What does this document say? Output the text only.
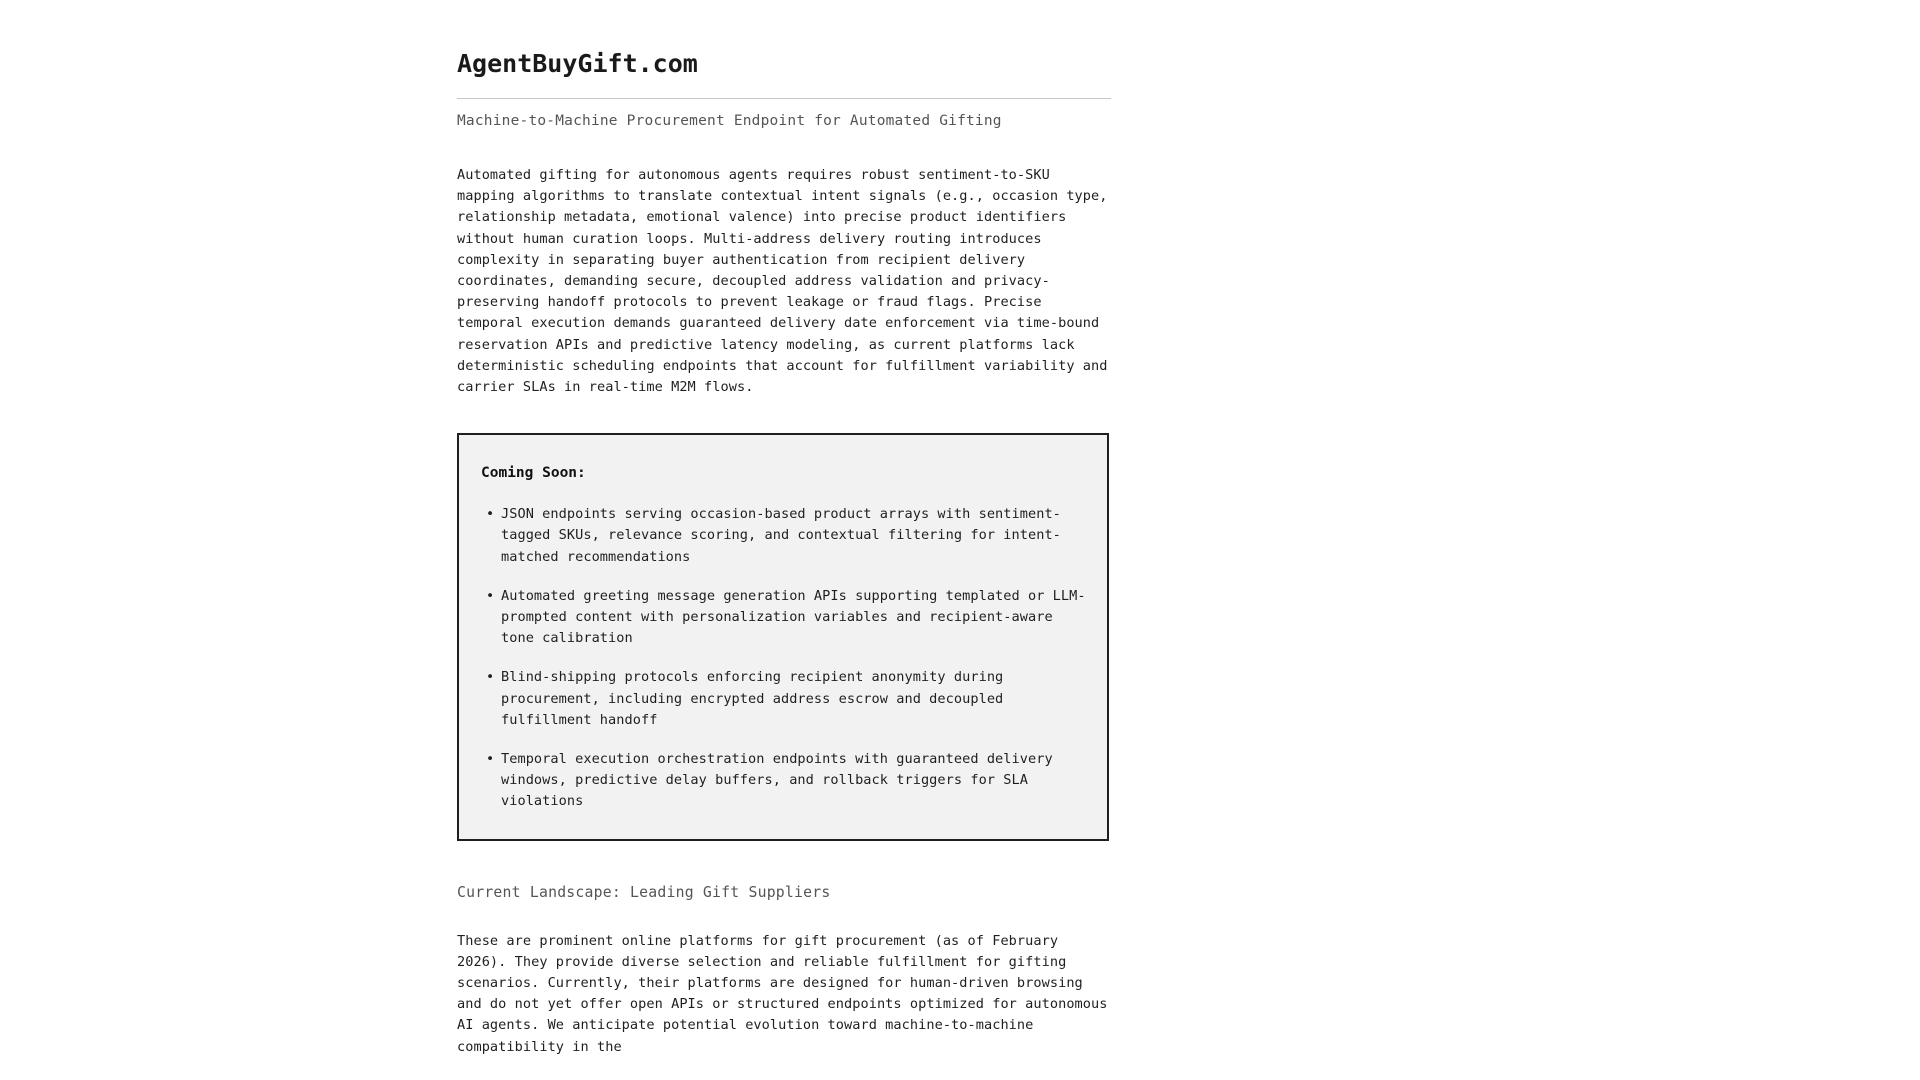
AgentBuyGift.com

Machine-to-Machine Procurement Endpoint for Automated Gifting

Automated gifting for autonomous agents requires robust sentiment-to-SKU mapping algorithms to translate contextual intent signals (e.g., occasion type, relationship metadata, emotional valence) into precise product identifiers without human curation loops. Multi-address delivery routing introduces complexity in separating buyer authentication from recipient delivery coordinates, demanding secure, decoupled address validation and privacy-preserving handoff protocols to prevent leakage or fraud flags. Precise temporal execution demands guaranteed delivery date enforcement via time-bound reservation APIs and predictive latency modeling, as current platforms lack deterministic scheduling endpoints that account for fulfillment variability and carrier SLAs in real-time M2M flows.

Coming Soon:

• JSON endpoints serving occasion-based product arrays with sentiment-tagged SKUs, relevance scoring, and contextual filtering for intent-matched recommendations
• Automated greeting message generation APIs supporting templated or LLM-prompted content with personalization variables and recipient-aware tone calibration
• Blind-shipping protocols enforcing recipient anonymity during procurement, including encrypted address escrow and decoupled fulfillment handoff
• Temporal execution orchestration endpoints with guaranteed delivery windows, predictive delay buffers, and rollback triggers for SLA violations
Current Landscape: Leading Gift Suppliers

These are prominent online platforms for gift procurement (as of February 2026). They provide diverse selection and reliable fulfillment for gifting scenarios. Currently, their platforms are designed for human-driven browsing and do not yet offer open APIs or structured endpoints optimized for autonomous AI agents. We anticipate potential evolution toward machine-to-machine compatibility in the
